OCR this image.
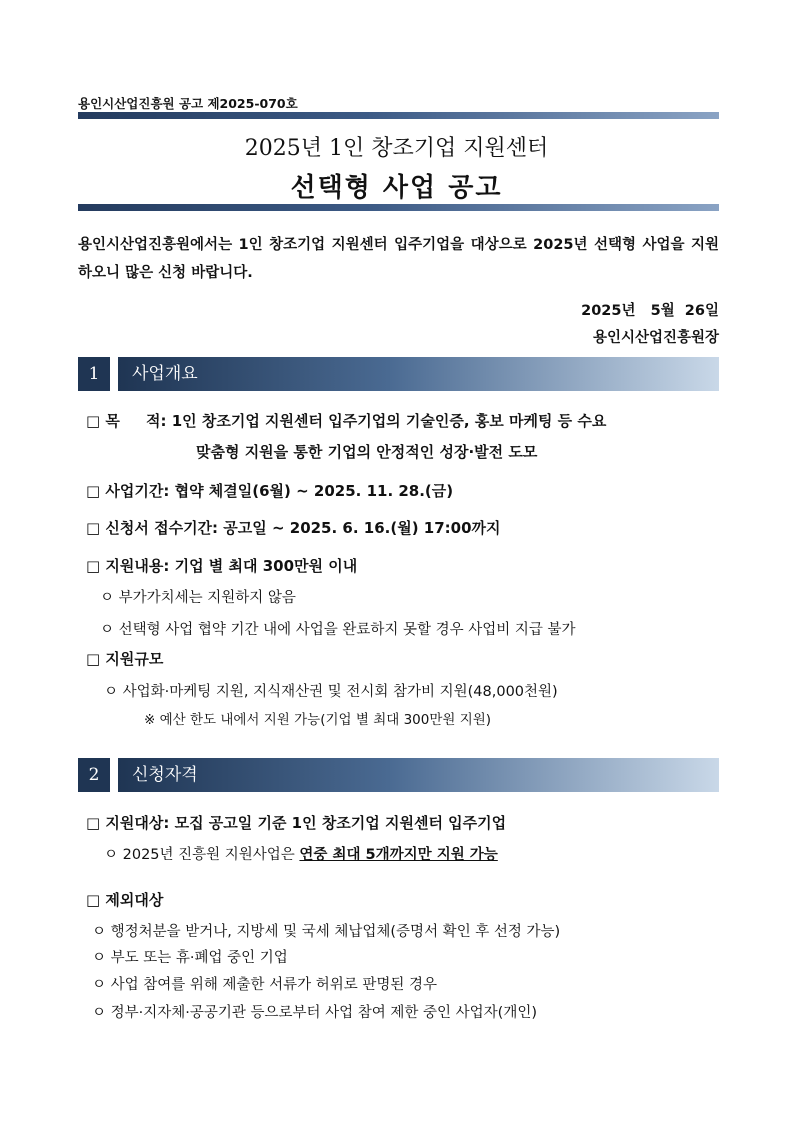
용인시산업진흥원 공고 제2025-070호
2025년 1인 창조기업 지원센터
선택형 사업 공고
용인시산업진흥원에서는 1인 창조기업 지원센터 입주기업을 대상으로 2025년 선택형 사업을 지원하오니 많은 신청 바랍니다.
2025년   5월  26일
용인시산업진흥원장
1	사업개요
□ 목     적: 1인 창조기업 지원센터 입주기업의 기술인증, 홍보 마케팅 등 수요
맞춤형 지원을 통한 기업의 안정적인 성장·발전 도모
□ 사업기간: 협약 체결일(6월) ~ 2025. 11. 28.(금)
□ 신청서 접수기간: 공고일 ~ 2025. 6. 16.(월) 17:00까지
□ 지원내용: 기업 별 최대 300만원 이내
ㅇ 부가가치세는 지원하지 않음
ㅇ 선택형 사업 협약 기간 내에 사업을 완료하지 못할 경우 사업비 지급 불가
□ 지원규모
ㅇ 사업화·마케팅 지원, 지식재산권 및 전시회 참가비 지원(48,000천원)
※ 예산 한도 내에서 지원 가능(기업 별 최대 300만원 지원)
2	신청자격
□ 지원대상: 모집 공고일 기준 1인 창조기업 지원센터 입주기업
ㅇ 2025년 진흥원 지원사업은 연중 최대 5개까지만 지원 가능
□ 제외대상
ㅇ 행정처분을 받거나, 지방세 및 국세 체납업체(증명서 확인 후 선정 가능)
ㅇ 부도 또는 휴·폐업 중인 기업
ㅇ 사업 참여를 위해 제출한 서류가 허위로 판명된 경우
ㅇ 정부·지자체·공공기관 등으로부터 사업 참여 제한 중인 사업자(개인)
